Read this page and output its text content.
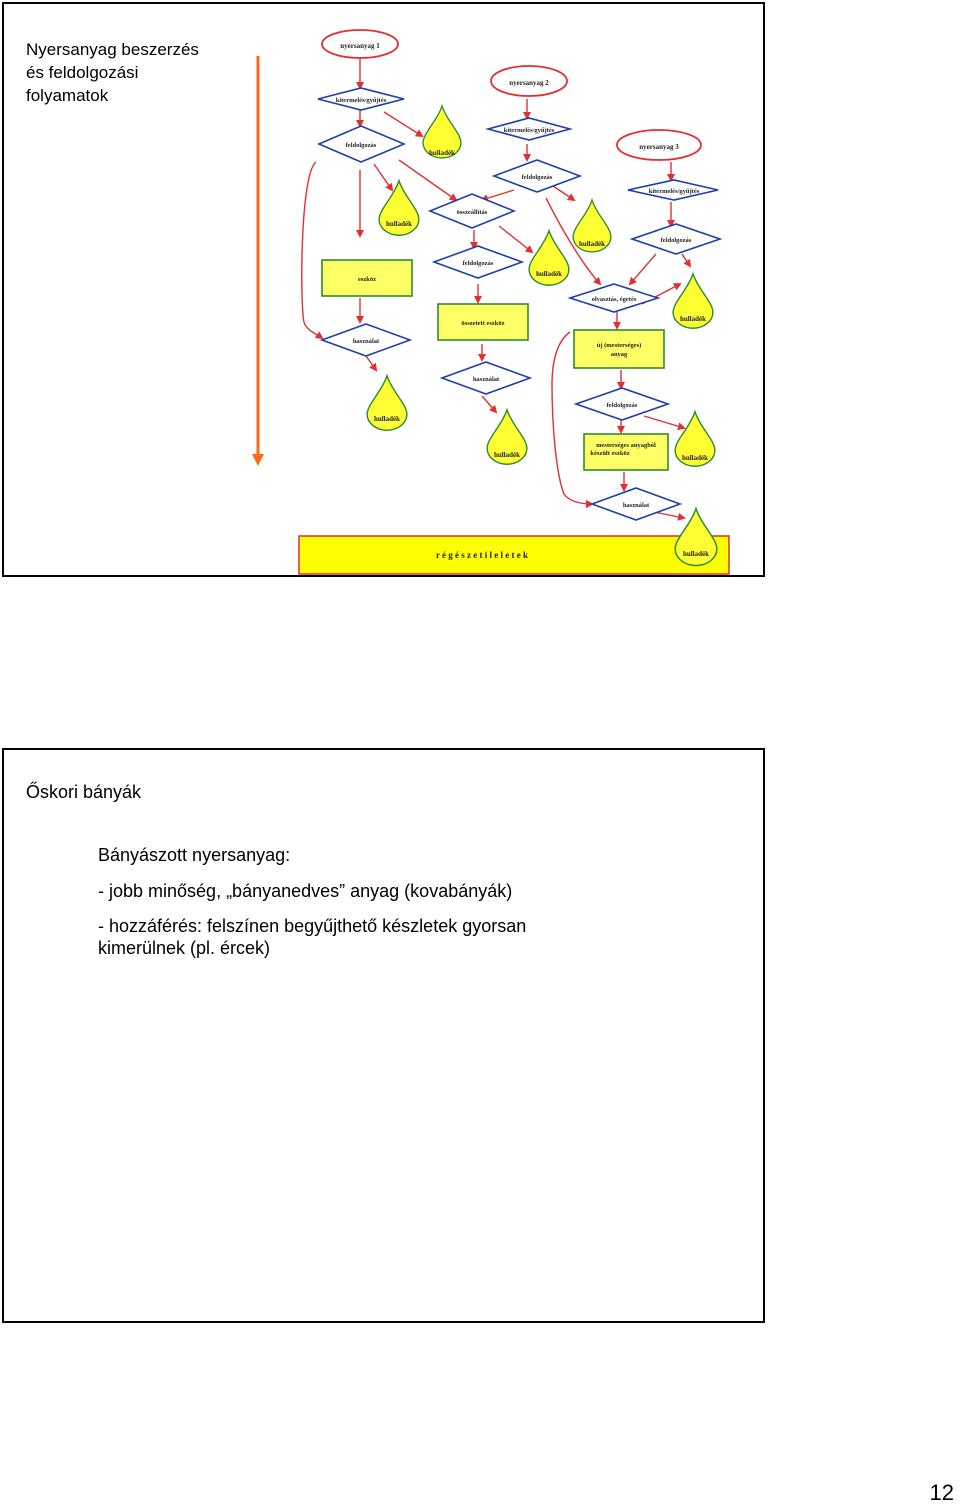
Nyersanyag beszerzés
és feldolgozási
folyamatok
r é g é s z e t i l e l e t e k
nyersanyag 1
nyersanyag 2
nyersanyag 3
kitermelés/gyűjtés
feldolgozás
kitermelés/gyűjtés
feldolgozás
összeállítás
feldolgozás
kitermelés/gyűjtés
feldolgozás
olvasztás, égetés
használat
használat
feldolgozás
használat
eszköz
összetett eszköz
új (mesterséges)
anyag
mesterséges anyagból
készült eszköz
hulladék
hulladék
hulladék
hulladék
hulladék
hulladék
hulladék	hulladék
hulladék

Őskori bányák

Bányászott nyersanyag:

- jobb minőség, „bányanedves” anyag (kovabányák)

- hozzáférés: felszínen begyűjthető készletek gyorsan

kimerülnek (pl. ércek)

12
